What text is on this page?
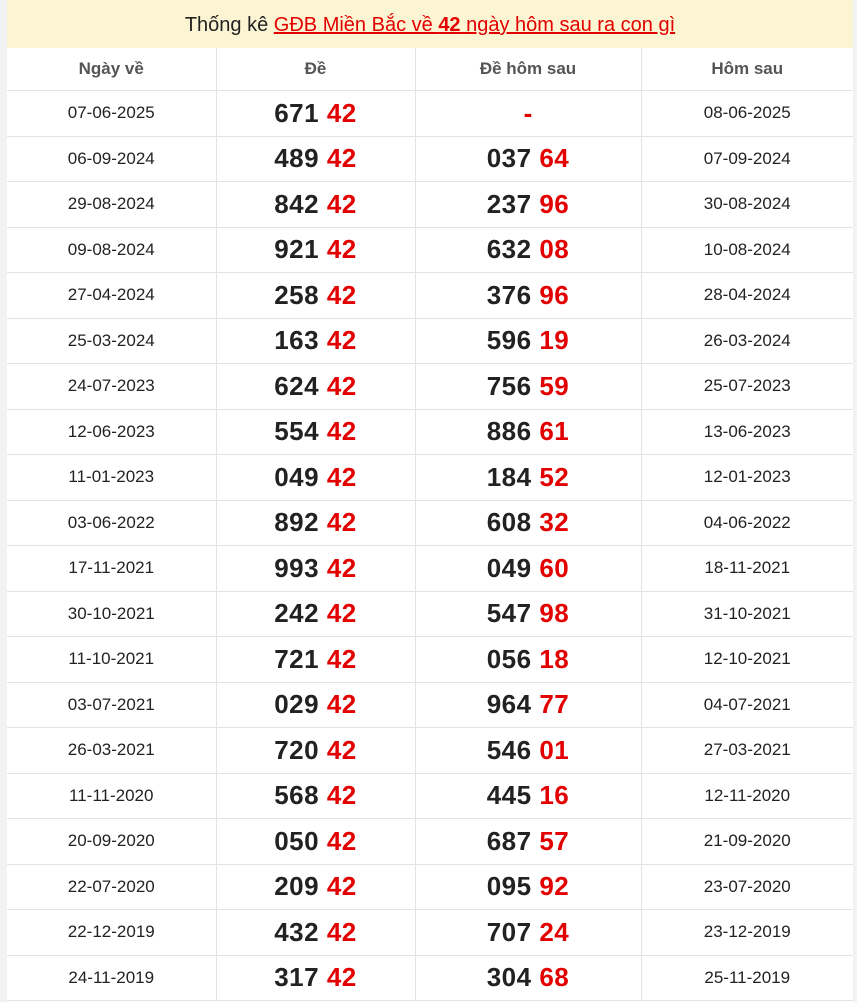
Thống kê GĐB Miền Bắc về 42 ngày hôm sau ra con gì
Ngày về	Đề	Đề hôm sau	Hôm sau
07-06-2025	671 42	-	08-06-2025
06-09-2024	489 42	037 64	07-09-2024
29-08-2024	842 42	237 96	30-08-2024
09-08-2024	921 42	632 08	10-08-2024
27-04-2024	258 42	376 96	28-04-2024
25-03-2024	163 42	596 19	26-03-2024
24-07-2023	624 42	756 59	25-07-2023
12-06-2023	554 42	886 61	13-06-2023
11-01-2023	049 42	184 52	12-01-2023
03-06-2022	892 42	608 32	04-06-2022
17-11-2021	993 42	049 60	18-11-2021
30-10-2021	242 42	547 98	31-10-2021
11-10-2021	721 42	056 18	12-10-2021
03-07-2021	029 42	964 77	04-07-2021
26-03-2021	720 42	546 01	27-03-2021
11-11-2020	568 42	445 16	12-11-2020
20-09-2020	050 42	687 57	21-09-2020
22-07-2020	209 42	095 92	23-07-2020
22-12-2019	432 42	707 24	23-12-2019
24-11-2019	317 42	304 68	25-11-2019
